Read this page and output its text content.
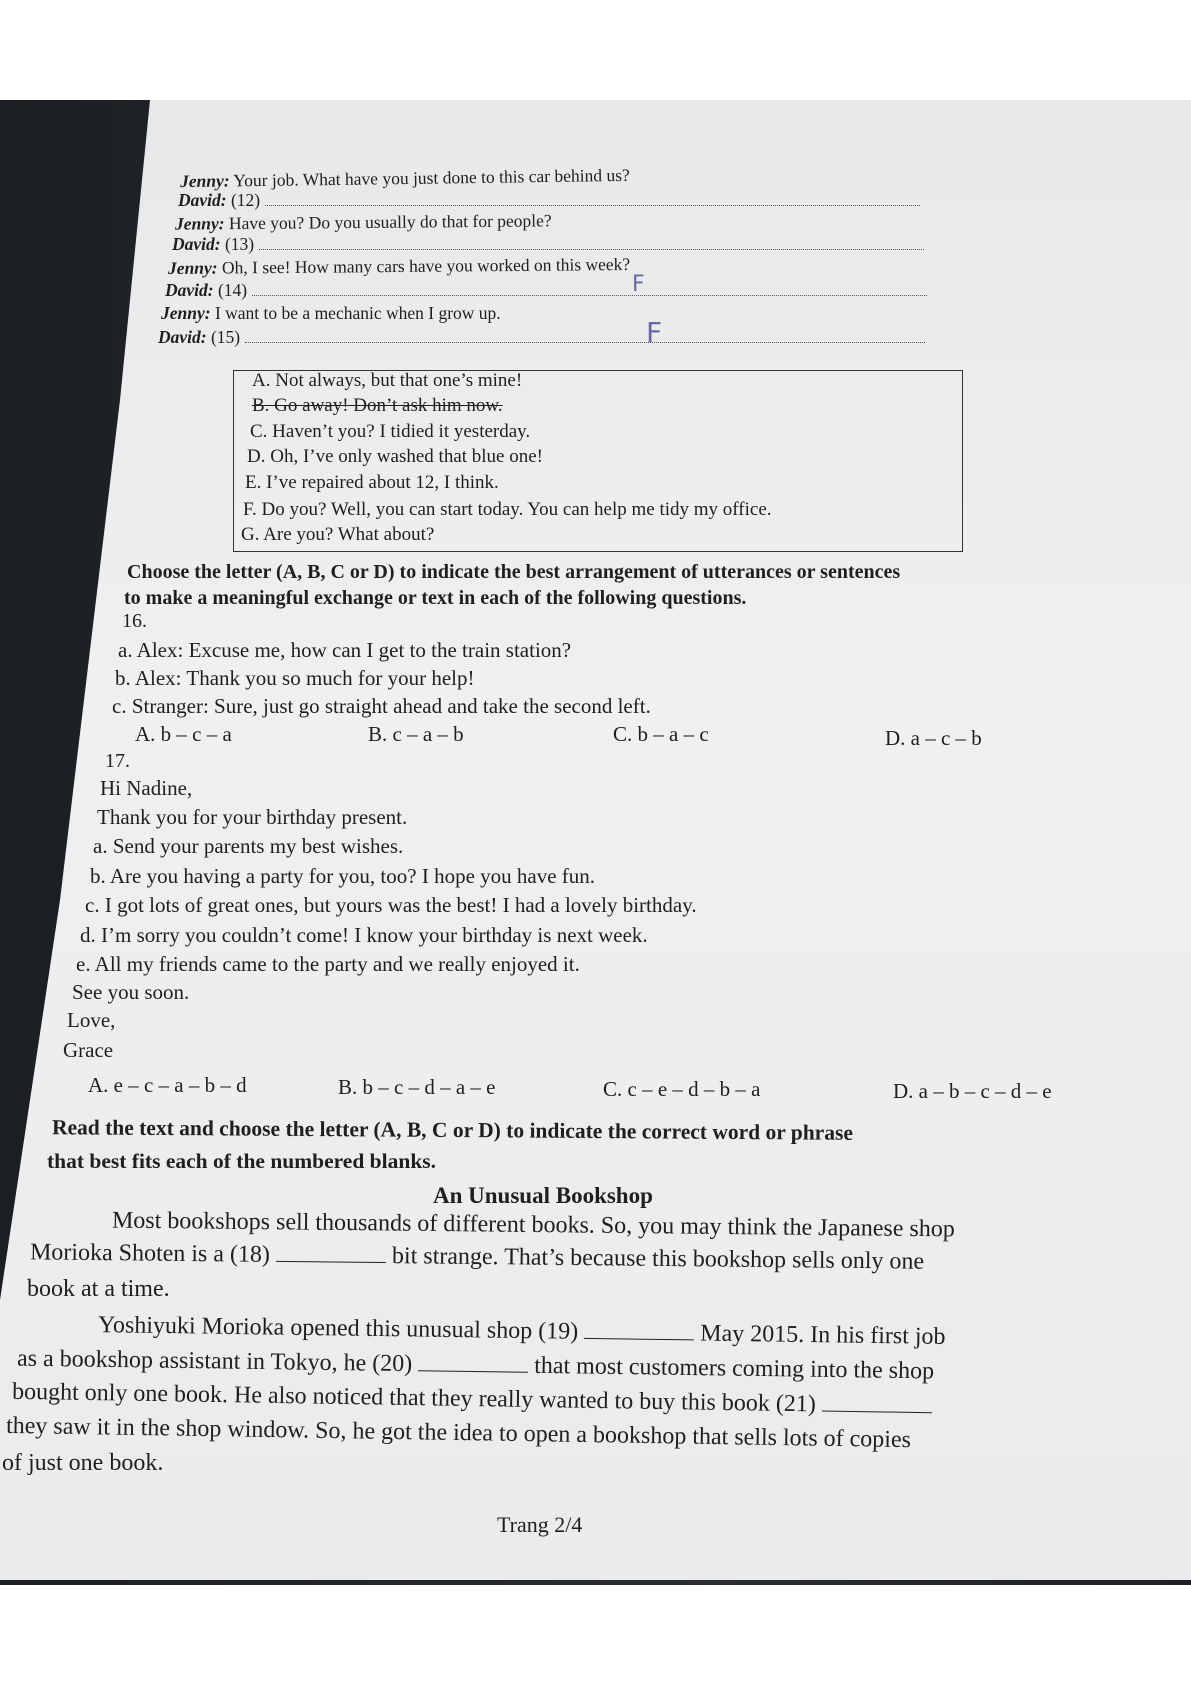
Jenny: Your job. What have you just done to this car behind us?
David: (12)
Jenny: Have you? Do you usually do that for people?
David: (13)
Jenny: Oh, I see! How many cars have you worked on this week?
David: (14)
Jenny: I want to be a mechanic when I grow up.
David: (15)
F
F
A. Not always, but that one’s mine!
B. Go away! Don’t ask him now.
C. Haven’t you? I tidied it yesterday.
D. Oh, I’ve only washed that blue one!
E. I’ve repaired about 12, I think.
F. Do you? Well, you can start today. You can help me tidy my office.
G. Are you? What about?
Choose the letter (A, B, C or D) to indicate the best arrangement of utterances or sentences
to make a meaningful exchange or text in each of the following questions.
16.
a. Alex: Excuse me, how can I get to the train station?
b. Alex: Thank you so much for your help!
c. Stranger: Sure, just go straight ahead and take the second left.
A. b – c – a	B. c – a – b	C. b – a – c	D. a – c – b
17.
Hi Nadine,
Thank you for your birthday present.
a. Send your parents my best wishes.
b. Are you having a party for you, too? I hope you have fun.
c. I got lots of great ones, but yours was the best! I had a lovely birthday.
d. I’m sorry you couldn’t come! I know your birthday is next week.
e. All my friends came to the party and we really enjoyed it.
See you soon.
Love,
Grace
A. e – c – a – b – d	B. b – c – d – a – e	C. c – e – d – b – a	D. a – b – c – d – e
Read the text and choose the letter (A, B, C or D) to indicate the correct word or phrase
that best fits each of the numbered blanks.
An Unusual Bookshop
Most bookshops sell thousands of different books. So, you may think the Japanese shop
Morioka Shoten is a (18)	bit strange. That’s because this bookshop sells only one
book at a time.
Yoshiyuki Morioka opened this unusual shop (19)	May 2015. In his first job
as a bookshop assistant in Tokyo, he (20)	that most customers coming into the shop
bought only one book. He also noticed that they really wanted to buy this book (21)
they saw it in the shop window. So, he got the idea to open a bookshop that sells lots of copies
of just one book.
Trang 2/4
